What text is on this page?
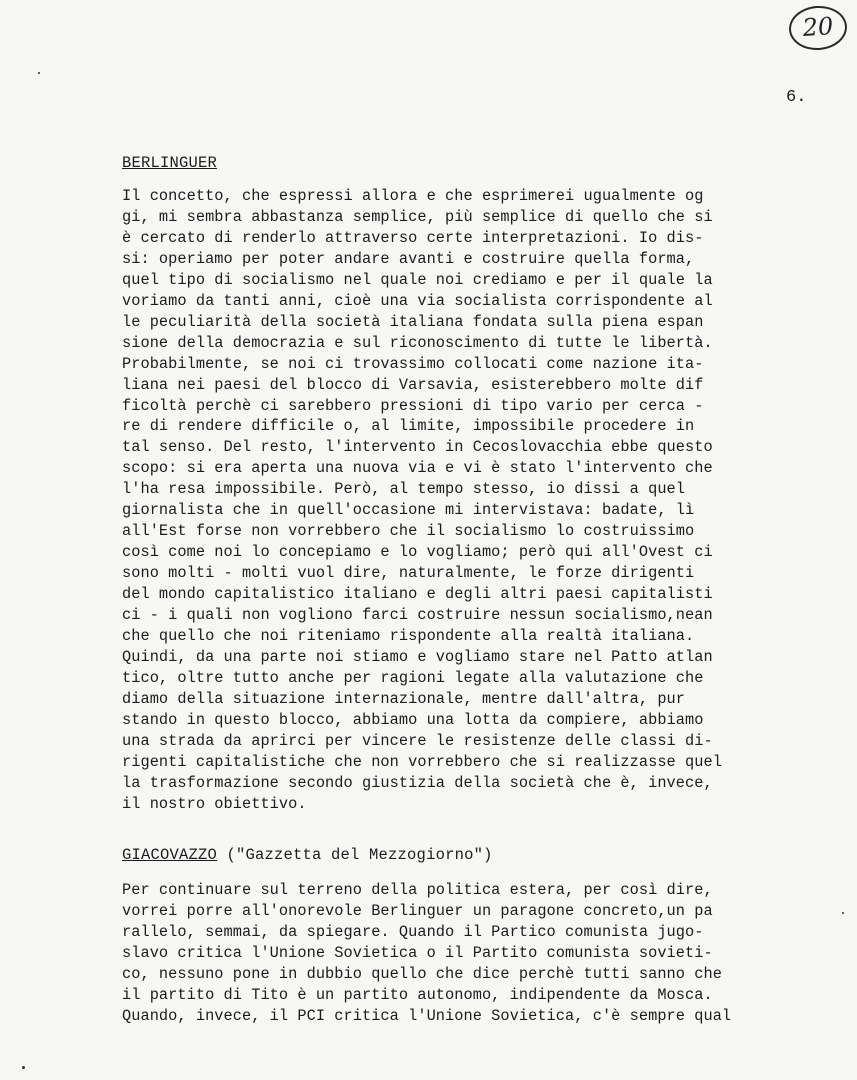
20
6.
BERLINGUER
Il concetto, che espressi allora e che esprimerei ugualmente og
gi, mi sembra abbastanza semplice, più semplice di quello che si
è cercato di renderlo attraverso certe interpretazioni. Io dis-
si: operiamo per poter andare avanti e costruire quella forma,
quel tipo di socialismo nel quale noi crediamo e per il quale la
voriamo da tanti anni, cioè una via socialista corrispondente al
le peculiarità della società italiana fondata sulla piena espan
sione della democrazia e sul riconoscimento di tutte le libertà.
Probabilmente, se noi ci trovassimo collocati come nazione ita-
liana nei paesi del blocco di Varsavia, esisterebbero molte dif
ficoltà perchè ci sarebbero pressioni di tipo vario per cerca -
re di rendere difficile o, al limite, impossibile procedere in
tal senso. Del resto, l'intervento in Cecoslovacchia ebbe questo
scopo: si era aperta una nuova via e vi è stato l'intervento che
l'ha resa impossibile. Però, al tempo stesso, io dissi a quel
giornalista che in quell'occasione mi intervistava: badate, lì
all'Est forse non vorrebbero che il socialismo lo costruissimo
così come noi lo concepiamo e lo vogliamo; però qui all'Ovest ci
sono molti - molti vuol dire, naturalmente, le forze dirigenti
del mondo capitalistico italiano e degli altri paesi capitalisti
ci - i quali non vogliono farci costruire nessun socialismo,nean
che quello che noi riteniamo rispondente alla realtà italiana.
Quindi, da una parte noi stiamo e vogliamo stare nel Patto atlan
tico, oltre tutto anche per ragioni legate alla valutazione che
diamo della situazione internazionale, mentre dall'altra, pur
stando in questo blocco, abbiamo una lotta da compiere, abbiamo
una strada da aprirci per vincere le resistenze delle classi di-
rigenti capitalistiche che non vorrebbero che si realizzasse quel
la trasformazione secondo giustizia della società che è, invece,
il nostro obiettivo.
GIACOVAZZO ("Gazzetta del Mezzogiorno")
Per continuare sul terreno della politica estera, per così dire,
vorrei porre all'onorevole Berlinguer un paragone concreto,un pa
rallelo, semmai, da spiegare. Quando il Partico comunista jugo-
slavo critica l'Unione Sovietica o il Partito comunista sovieti-
co, nessuno pone in dubbio quello che dice perchè tutti sanno che
il partito di Tito è un partito autonomo, indipendente da Mosca.
Quando, invece, il PCI critica l'Unione Sovietica, c'è sempre qual
